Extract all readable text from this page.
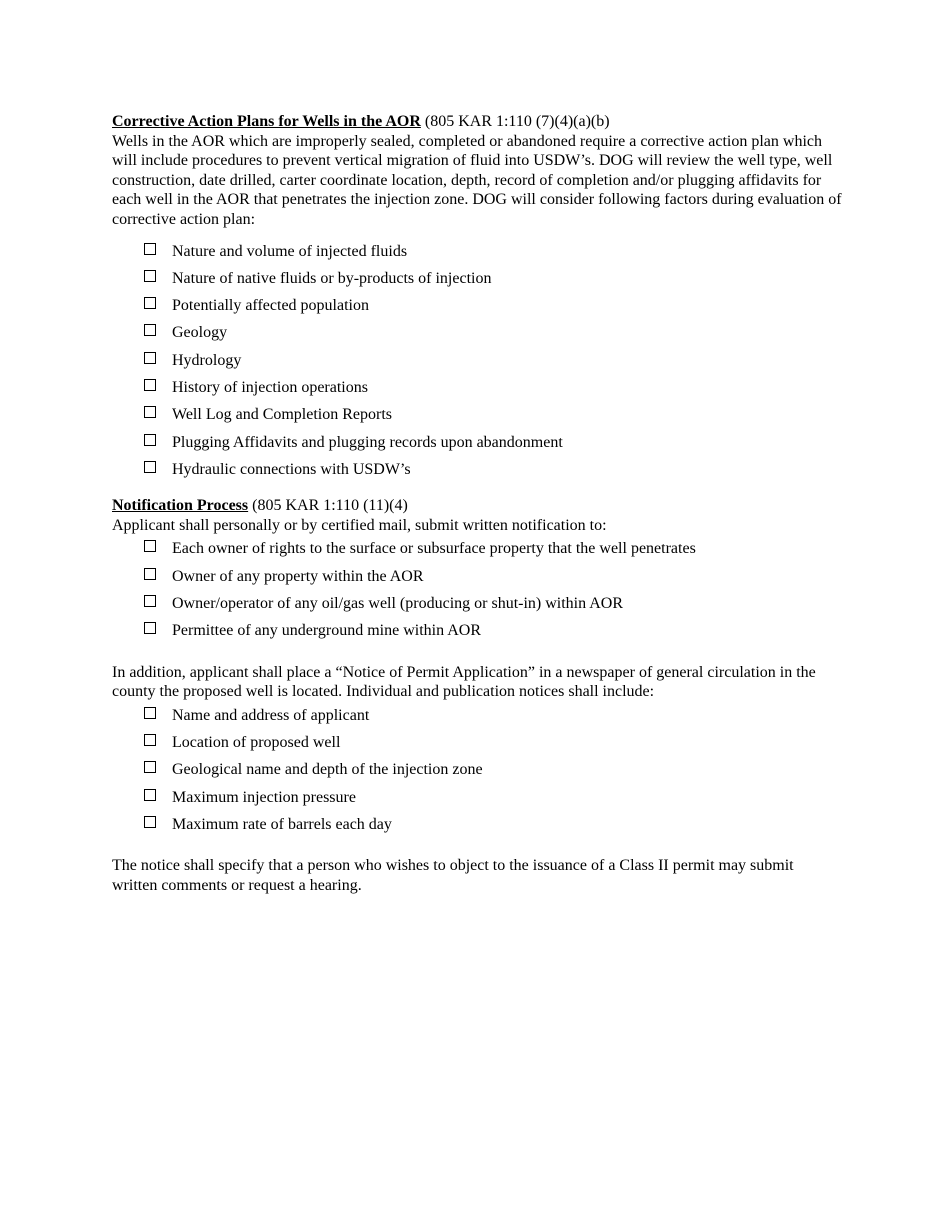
Corrective Action Plans for Wells in the AOR (805 KAR 1:110 (7)(4)(a)(b)

Wells in the AOR which are improperly sealed, completed or abandoned require a corrective action plan which will include procedures to prevent vertical migration of fluid into USDW’s. DOG will review the well type, well construction, date drilled, carter coordinate location, depth, record of completion and/or plugging affidavits for each well in the AOR that penetrates the injection zone. DOG will consider following factors during evaluation of corrective action plan:

Nature and volume of injected fluids
Nature of native fluids or by-products of injection
Potentially affected population
Geology
Hydrology
History of injection operations
Well Log and Completion Reports
Plugging Affidavits and plugging records upon abandonment
Hydraulic connections with USDW’s

Notification Process (805 KAR 1:110 (11)(4)

Applicant shall personally or by certified mail, submit written notification to:

Each owner of rights to the surface or subsurface property that the well penetrates
Owner of any property within the AOR
Owner/operator of any oil/gas well (producing or shut-in) within AOR
Permittee of any underground mine within AOR

In addition, applicant shall place a “Notice of Permit Application” in a newspaper of general circulation in the county the proposed well is located. Individual and publication notices shall include:

Name and address of applicant
Location of proposed well
Geological name and depth of the injection zone
Maximum injection pressure
Maximum rate of barrels each day

The notice shall specify that a person who wishes to object to the issuance of a Class II permit may submit written comments or request a hearing.
